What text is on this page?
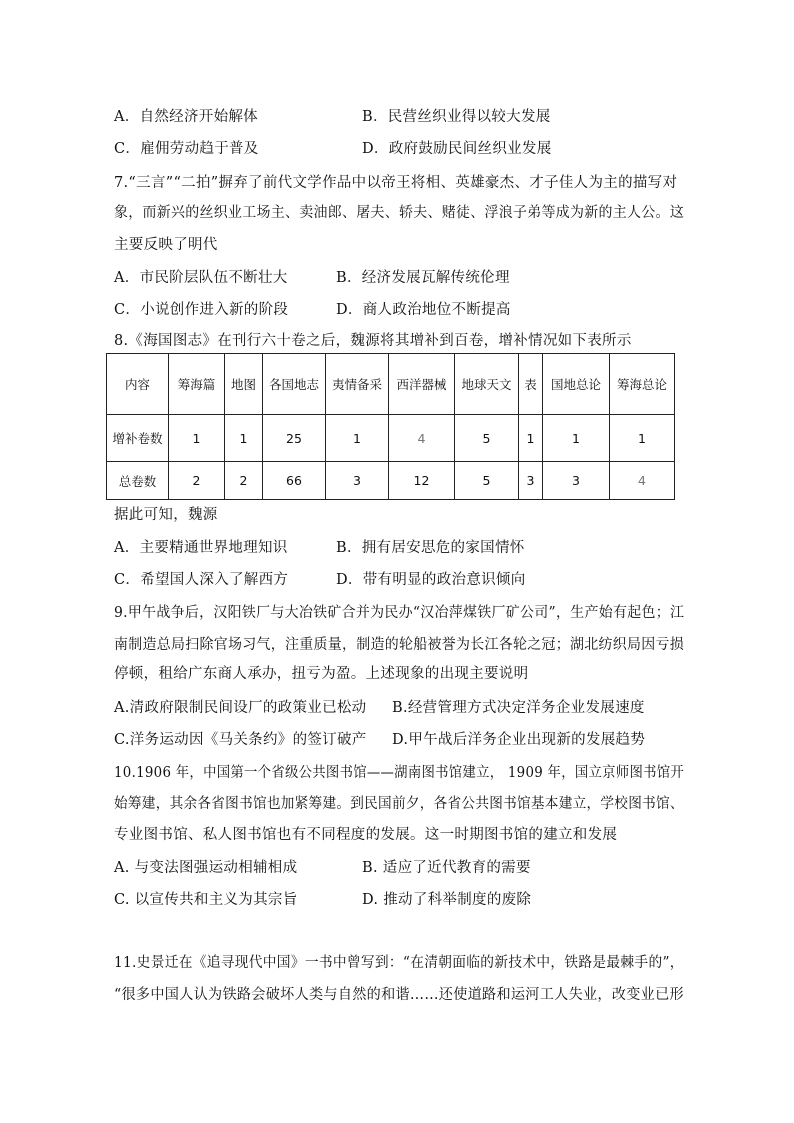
A．自然经济开始解体	B．民营丝织业得以较大发展
C．雇佣劳动趋于普及	D．政府鼓励民间丝织业发展
7.“三言”“二拍”摒弃了前代文学作品中以帝王将相、英雄豪杰、才子佳人为主的描写对
象，而新兴的丝织业工场主、卖油郎、屠夫、轿夫、赌徒、浮浪子弟等成为新的主人公。这
主要反映了明代
A．市民阶层队伍不断壮大	B．经济发展瓦解传统伦理
C．小说创作进入新的阶段	D．商人政治地位不断提高
8.《海国图志》在刊行六十卷之后，魏源将其增补到百卷，增补情况如下表所示
内容	筹海篇	地图	各国地志	夷情备采	西洋器械	地球天文	表	国地总论	筹海总论
增补卷数	1	1	25	1	4	5	1	1	1
总卷数	2	2	66	3	12	5	3	3	4
据此可知，魏源
A．主要精通世界地理知识	B．拥有居安思危的家国情怀
C．希望国人深入了解西方	D．带有明显的政治意识倾向
9.甲午战争后，汉阳铁厂与大冶铁矿合并为民办“汉冶萍煤铁厂矿公司”，生产始有起色；江
南制造总局扫除官场习气，注重质量，制造的轮船被誉为长江各轮之冠；湖北纺织局因亏损
停顿，租给广东商人承办，扭亏为盈。上述现象的出现主要说明
A.清政府限制民间设厂的政策业已松动 B.经营管理方式决定洋务企业发展速度
C.洋务运动因《马关条约》的签订破产 D.甲午战后洋务企业出现新的发展趋势
10.1906 年，中国第一个省级公共图书馆——湖南图书馆建立， 1909 年，国立京师图书馆开
始筹建，其余各省图书馆也加紧筹建。到民国前夕，各省公共图书馆基本建立，学校图书馆、
专业图书馆、私人图书馆也有不同程度的发展。这一时期图书馆的建立和发展
A. 与变法图强运动相辅相成	B. 适应了近代教育的需要
C. 以宣传共和主义为其宗旨	D. 推动了科举制度的废除
11.史景迁在《追寻现代中国》一书中曾写到：“在清朝面临的新技术中，铁路是最棘手的”，
“很多中国人认为铁路会破坏人类与自然的和谐……还使道路和运河工人失业，改变业已形
